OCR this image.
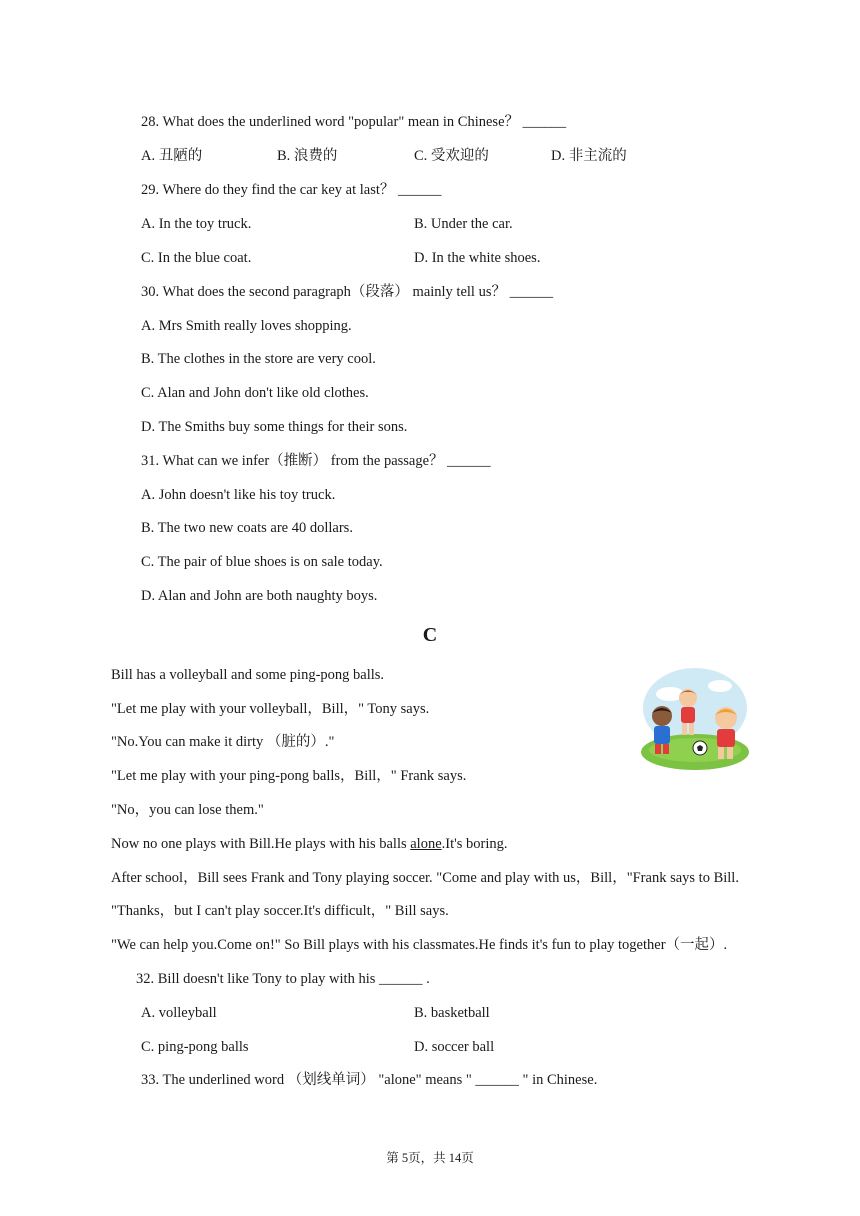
28. What does the underlined word "popular" mean in Chinese？ ______
A. 丑陋的	B. 浪费的	C. 受欢迎的	D. 非主流的
29. Where do they find the car key at last？ ______
A. In the toy truck.	B. Under the car.
C. In the blue coat.	D. In the white shoes.
30. What does the second paragraph（段落） mainly tell us？ ______
A. Mrs Smith really loves shopping.
B. The clothes in the store are very cool.
C. Alan and John don't like old clothes.
D. The Smiths buy some things for their sons.
31. What can we infer（推断） from the passage？ ______
A. John doesn't like his toy truck.
B. The two new coats are 40 dollars.
C. The pair of blue shoes is on sale today.
D. Alan and John are both naughty boys.
C
Bill has a volleyball and some ping-pong balls.
"Let me play with your volleyball，Bill，" Tony says.
"No.You can make it dirty （脏的）."
"Let me play with your ping-pong balls，Bill，" Frank says.
"No，you can lose them."
Now no one plays with Bill.He plays with his balls alone.It's boring.
After school，Bill sees Frank and Tony playing soccer. "Come and play with us，Bill，"Frank says to Bill.
"Thanks，but I can't play soccer.It's difficult，" Bill says.
"We can help you.Come on!" So Bill plays with his classmates.He finds it's fun to play together（一起）.
32. Bill doesn't like Tony to play with his ______ .
A. volleyball	B. basketball
C. ping-pong balls	D. soccer ball
33. The underlined word （划线单词） "alone" means " ______ " in Chinese.
第 5页，共 14页
